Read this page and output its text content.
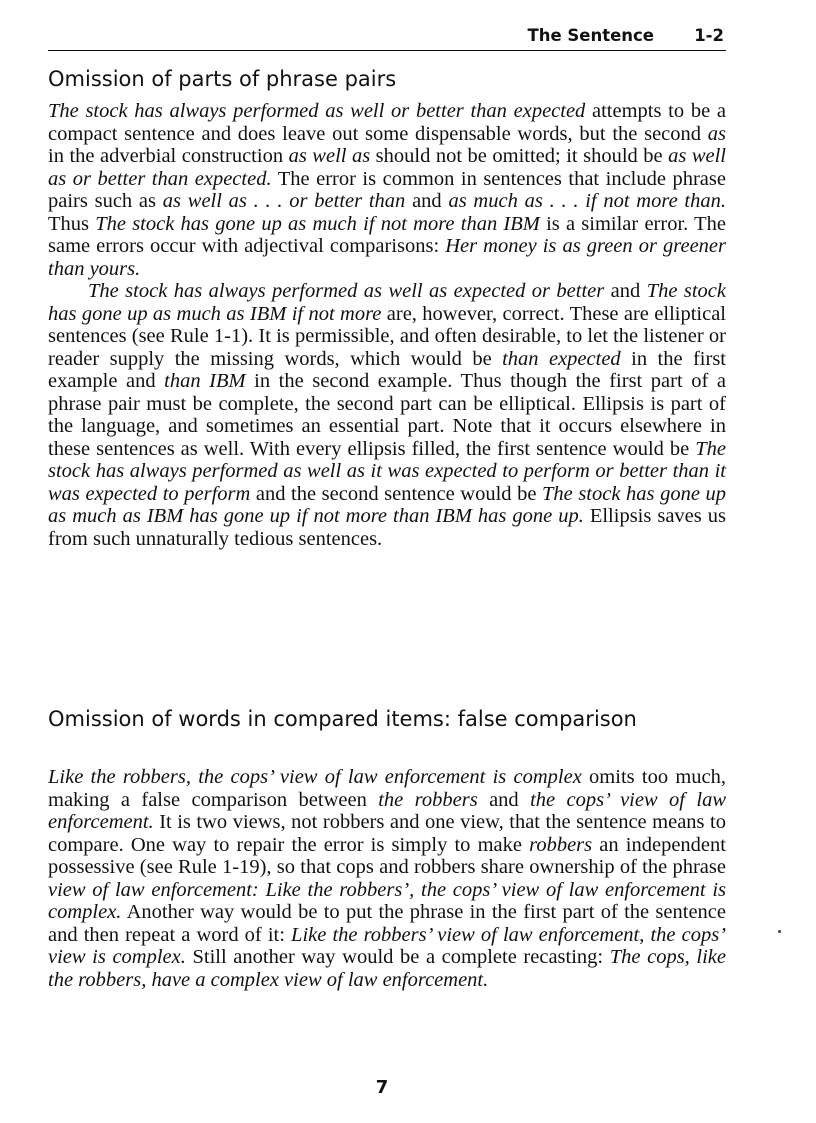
The Sentence 1-2
Omission of parts of phrase pairs

The stock has always performed as well or better than expected attempts to be a compact sentence and does leave out some dispensable words, but the second as in the adverbial construction as well as should not be omitted; it should be as well as or better than expected. The error is common in sentences that include phrase pairs such as as well as . . . or better than and as much as . . . if not more than. Thus The stock has gone up as much if not more than IBM is a similar error. The same errors occur with adjectival comparisons: Her money is as green or greener than yours.

The stock has always performed as well as expected or better and The stock has gone up as much as IBM if not more are, however, correct. These are elliptical sentences (see Rule 1-1). It is permissible, and often desirable, to let the listener or reader supply the missing words, which would be than expected in the first example and than IBM in the second example. Thus though the first part of a phrase pair must be complete, the second part can be elliptical. Ellipsis is part of the language, and sometimes an essential part. Note that it occurs elsewhere in these sentences as well. With every ellipsis filled, the first sentence would be The stock has always performed as well as it was expected to perform or better than it was expected to perform and the second sentence would be The stock has gone up as much as IBM has gone up if not more than IBM has gone up. Ellipsis saves us from such unnaturally tedious sentences.

Omission of words in compared items: false comparison

Like the robbers, the cops’ view of law enforcement is complex omits too much, making a false comparison between the robbers and the cops’ view of law enforcement. It is two views, not robbers and one view, that the sentence means to compare. One way to repair the error is simply to make robbers an independent possessive (see Rule 1-19), so that cops and robbers share ownership of the phrase view of law enforcement: Like the robbers’, the cops’ view of law enforcement is complex. Another way would be to put the phrase in the first part of the sentence and then repeat a word of it: Like the robbers’ view of law enforcement, the cops’ view is complex. Still another way would be a complete recasting: The cops, like the robbers, have a complex view of law enforcement.

7
